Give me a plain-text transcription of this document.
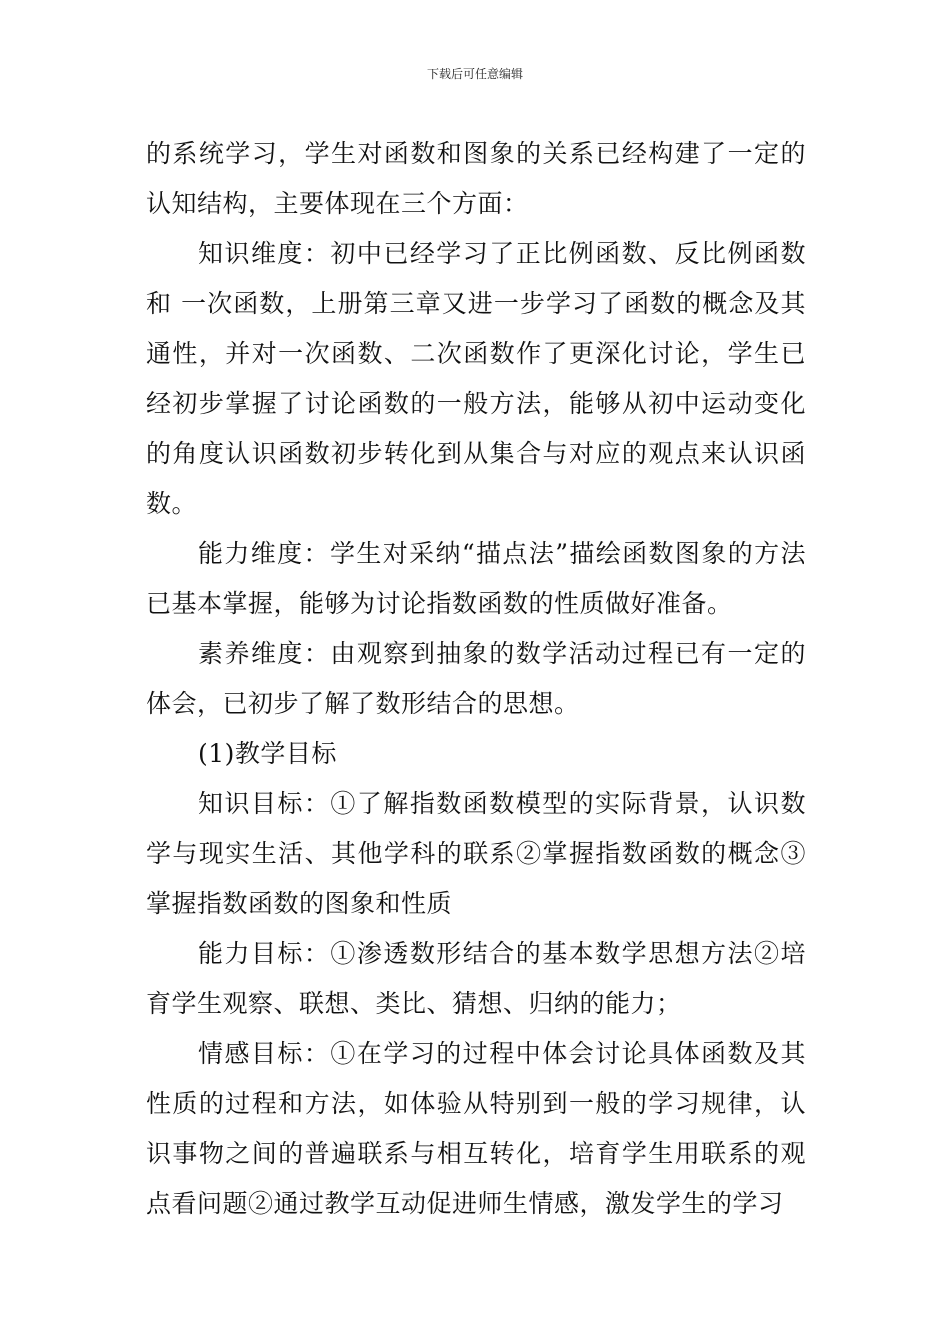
下载后可任意编辑

的系统学习，学生对函数和图象的关系已经构建了一定的认知结构，主要体现在三个方面：

知识维度：初中已经学习了正比例函数、反比例函数和 一次函数，上册第三章又进一步学习了函数的概念及其通性，并对一次函数、二次函数作了更深化讨论，学生已经初步掌握了讨论函数的一般方法，能够从初中运动变化的角度认识函数初步转化到从集合与对应的观点来认识函数。

能力维度：学生对采纳“描点法”描绘函数图象的方法已基本掌握，能够为讨论指数函数的性质做好准备。

素养维度：由观察到抽象的数学活动过程已有一定的体会，已初步了解了数形结合的思想。

(1)教学目标

知识目标：①了解指数函数模型的实际背景，认识数学与现实生活、其他学科的联系②掌握指数函数的概念③掌握指数函数的图象和性质

能力目标：①渗透数形结合的基本数学思想方法②培育学生观察、联想、类比、猜想、归纳的能力；

情感目标：①在学习的过程中体会讨论具体函数及其性质的过程和方法，如体验从特别到一般的学习规律，认识事物之间的普遍联系与相互转化，培育学生用联系的观点看问题②通过教学互动促进师生情感，激发学生的学习
